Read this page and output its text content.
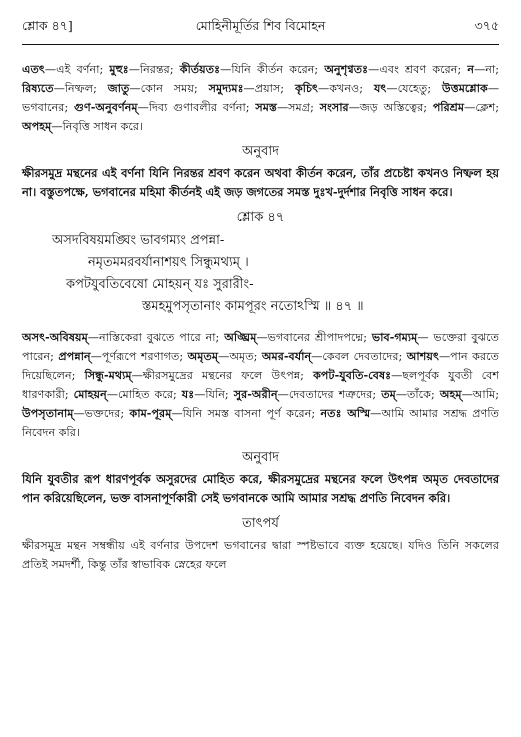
শ্লোক ৪৭]	মোহিনীমূর্তির শিব বিমোহন	৩৭৫

এতৎ—এই বর্ণনা; মুহুঃ—নিরন্তর; কীর্তয়তঃ—যিনি কীর্তন করেন; অনুশৃণ্বতঃ—এবং শ্রবণ করেন; ন—না; রিষ্যতে—নিষ্ফল; জাতু—কোন সময়; সমুদ্যমঃ—প্রয়াস; কৃচিৎ—কখনও; যৎ—যেহেতু; উত্তমশ্লোক—ভগবানের; গুণ-অনুবর্ণনম্—দিব্য গুণাবলীর বর্ণনা; সমস্ত—সমগ্র; সংসার—জড় অস্তিত্বের; পরিশ্রম—ক্লেশ; অপহম্—নিবৃত্তি সাধন করে।

অনুবাদ

ক্ষীরসমুদ্র মন্থনের এই বর্ণনা যিনি নিরন্তর শ্রবণ করেন অথবা কীর্তন করেন, তাঁর প্রচেষ্টা কখনও নিষ্ফল হয় না। বস্তুতপক্ষে, ভগবানের মহিমা কীর্তনই এই জড় জগতের সমস্ত দুঃখ-দুর্দশার নিবৃত্তি সাধন করে।

শ্লোক ৪৭
অসদবিষয়মঙ্ঘিং ভাবগম্যং প্রপন্না-
নমৃতমমরবর্যানাশয়ৎ সিন্ধুমথ্যম্ ।
কপটযুবতিবেষো মোহয়ন্ যঃ সুরারীং-
স্তমহমুপসৃতানাং কামপূরং নতোঽস্মি ॥ ৪৭ ॥

অসৎ-অবিষয়ম্—নাস্তিকেরা বুঝতে পারে না; অঙ্ঘ্রিম্—ভগবানের শ্রীপাদপদ্মে; ভাব-গম্যম্— ভক্তেরা বুঝতে পারেন; প্রপন্নান্—পূর্ণরূপে শরণাগত; অমৃতম্—অমৃত; অমর-বর্যান্—কেবল দেবতাদের; আশয়ৎ—পান করতে দিয়েছিলেন; সিন্ধু-মথ্যম্—ক্ষীরসমুদ্রের মন্থনের ফলে উৎপন্ন; কপট-যুবতি-বেষঃ—ছলপূর্বক যুবতী বেশ ধারণকারী; মোহয়ন্—মোহিত করে; যঃ—যিনি; সুর-অরীন্—দেবতাদের শত্রুদের; তম্—তাঁকে; অহম্—আমি; উপসৃতানাম্—ভক্তদের; কাম-পূরম্—যিনি সমস্ত বাসনা পূর্ণ করেন; নতঃ অস্মি—আমি আমার সশ্রদ্ধ প্রণতি নিবেদন করি।

অনুবাদ

যিনি যুবতীর রূপ ধারণপূর্বক অসুরদের মোহিত করে, ক্ষীরসমুদ্রের মন্থনের ফলে উৎপন্ন অমৃত দেবতাদের পান করিয়েছিলেন, ভক্ত বাসনাপূর্ণকারী সেই ভগবানকে আমি আমার সশ্রদ্ধ প্রণতি নিবেদন করি।

তাৎপর্য

ক্ষীরসমুদ্র মন্থন সম্বন্ধীয় এই বর্ণনার উপদেশ ভগবানের দ্বারা স্পষ্টভাবে ব্যক্ত হয়েছে। যদিও তিনি সকলের প্রতিই সমদর্শী, কিন্তু তাঁর স্বাভাবিক স্নেহের ফলে
